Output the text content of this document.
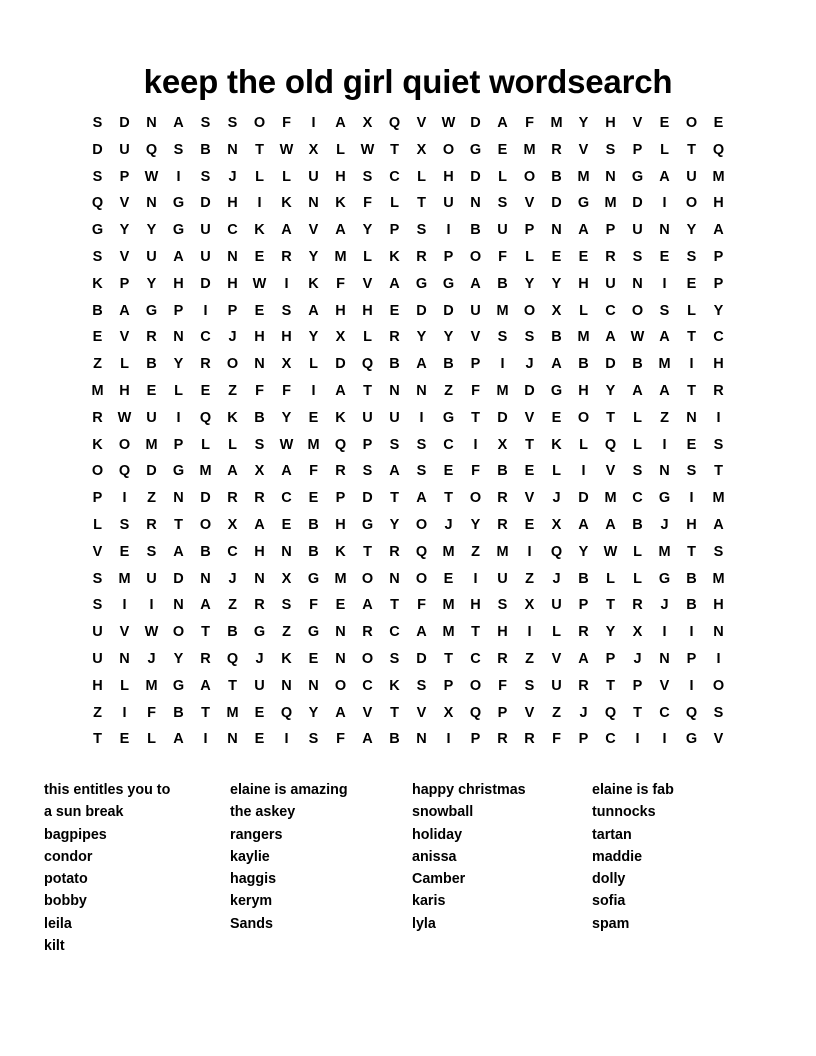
keep the old girl quiet wordsearch
S	D	N	A	S	S	O	F	I	A	X	Q	V	W	D	A	F	M	Y	H	V	E	O	E
D	U	Q	S	B	N	T	W	X	L	W	T	X	O	G	E	M	R	V	S	P	L	T	Q
S	P	W	I	S	J	L	L	U	H	S	C	L	H	D	L	O	B	M	N	G	A	U	M
Q	V	N	G	D	H	I	K	N	K	F	L	T	U	N	S	V	D	G	M	D	I	O	H
G	Y	Y	G	U	C	K	A	V	A	Y	P	S	I	B	U	P	N	A	P	U	N	Y	A
S	V	U	A	U	N	E	R	Y	M	L	K	R	P	O	F	L	E	E	R	S	E	S	P
K	P	Y	H	D	H	W	I	K	F	V	A	G	G	A	B	Y	Y	H	U	N	I	E	P
B	A	G	P	I	P	E	S	A	H	H	E	D	D	U	M	O	X	L	C	O	S	L	Y
E	V	R	N	C	J	H	H	Y	X	L	R	Y	Y	V	S	S	B	M	A	W	A	T	C
Z	L	B	Y	R	O	N	X	L	D	Q	B	A	B	P	I	J	A	B	D	B	M	I	H
M	H	E	L	E	Z	F	F	I	A	T	N	N	Z	F	M	D	G	H	Y	A	A	T	R
R	W	U	I	Q	K	B	Y	E	K	U	U	I	G	T	D	V	E	O	T	L	Z	N	I
K	O	M	P	L	L	S	W M	Q	P	S	S	C	I	X	T	K	L	Q	L	I	E	S
O	Q	D	G	M	A	X	A	F	R	S	A	S	E	F	B	E	L	I	V	S	N	S	T
P	I	Z	N	D	R	R	C	E	P	D	T	A	T	O	R	V	J	D	M	C	G	I	M
L	S	R	T	O	X	A	E	B	H	G	Y	O	J	Y	R	E	X	A	A	B	J	H	A
V	E	S	A	B	C	H	N	B	K	T	R	Q	M	Z	M	I	Q	Y	W	L	M	T	S
S	M	U	D	N	J	N	X	G	M	O	N	O	E	I	U	Z	J	B	L	L	G	B	M
S	I	I	N	A	Z	R	S	F	E	A	T	F	M	H	S	X	U	P	T	R	J	B	H
U	V	W	O	T	B	G	Z	G	N	R	C	A	M	T	H	I	L	R	Y	X	I	I	N
U	N	J	Y	R	Q	J	K	E	N	O	S	D	T	C	R	Z	V	A	P	J	N	P	I
H	L	M	G	A	T	U	N	N	O	C	K	S	P	O	F	S	U	R	T	P	V	I	O
Z	I	F	B	T	M	E	Q	Y	A	V	T	V	X	Q	P	V	Z	J	Q	T	C	Q	S
T	E	L	A	I	N	E	I	S	F	A	B	N	I	P	R	R	F	P	C	I	I	G	V
this entitles you to
a sun break
bagpipes
condor
potato
bobby
leila
kilt
elaine is amazing
the askey
rangers
kaylie
haggis
kerym
Sands
happy christmas
snowball
holiday
anissa
Camber
karis
lyla
elaine is fab
tunnocks
tartan
maddie
dolly
sofia
spam
